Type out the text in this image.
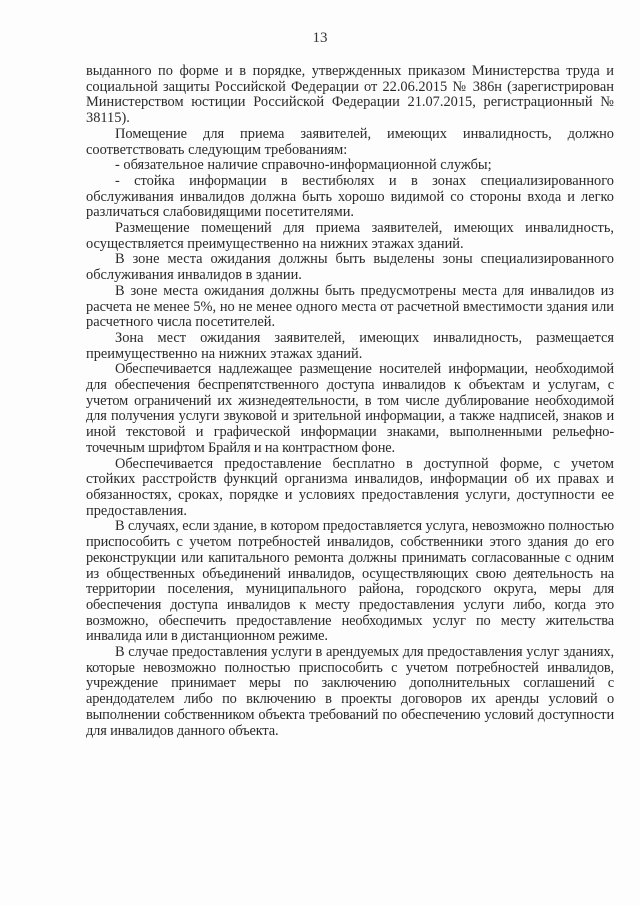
13

выданного по форме и в порядке, утвержденных приказом Министерства труда и социальной защиты Российской Федерации от 22.06.2015 № 386н (зарегистрирован Министерством юстиции Российской Федерации 21.07.2015, регистрационный № 38115).

Помещение для приема заявителей, имеющих инвалидность, должно соответствовать следующим требованиям:

- обязательное наличие справочно-информационной службы;

- стойка информации в вестибюлях и в зонах специализированного обслуживания инвалидов должна быть хорошо видимой со стороны входа и легко различаться слабовидящими посетителями.

Размещение помещений для приема заявителей, имеющих инвалидность, осуществляется преимущественно на нижних этажах зданий.

В зоне места ожидания должны быть выделены зоны специализированного обслуживания инвалидов в здании.

В зоне места ожидания должны быть предусмотрены места для инвалидов из расчета не менее 5%, но не менее одного места от расчетной вместимости здания или расчетного числа посетителей.

Зона мест ожидания заявителей, имеющих инвалидность, размещается преимущественно на нижних этажах зданий.

Обеспечивается надлежащее размещение носителей информации, необходимой для обеспечения беспрепятственного доступа инвалидов к объектам и услугам, с учетом ограничений их жизнедеятельности, в том числе дублирование необходимой для получения услуги звуковой и зрительной информации, а также надписей, знаков и иной текстовой и графической информации знаками, выполненными рельефно-точечным шрифтом Брайля и на контрастном фоне.

Обеспечивается предоставление бесплатно в доступной форме, с учетом стойких расстройств функций организма инвалидов, информации об их правах и обязанностях, сроках, порядке и условиях предоставления услуги, доступности ее предоставления.

В случаях, если здание, в котором предоставляется услуга, невозможно полностью приспособить с учетом потребностей инвалидов, собственники этого здания до его реконструкции или капитального ремонта должны принимать согласованные с одним из общественных объединений инвалидов, осуществляющих свою деятельность на территории поселения, муниципального района, городского округа, меры для обеспечения доступа инвалидов к месту предоставления услуги либо, когда это возможно, обеспечить предоставление необходимых услуг по месту жительства инвалида или в дистанционном режиме.

В случае предоставления услуги в арендуемых для предоставления услуг зданиях, которые невозможно полностью приспособить с учетом потребностей инвалидов, учреждение принимает меры по заключению дополнительных соглашений с арендодателем либо по включению в проекты договоров их аренды условий о выполнении собственником объекта требований по обеспечению условий доступности для инвалидов данного объекта.
